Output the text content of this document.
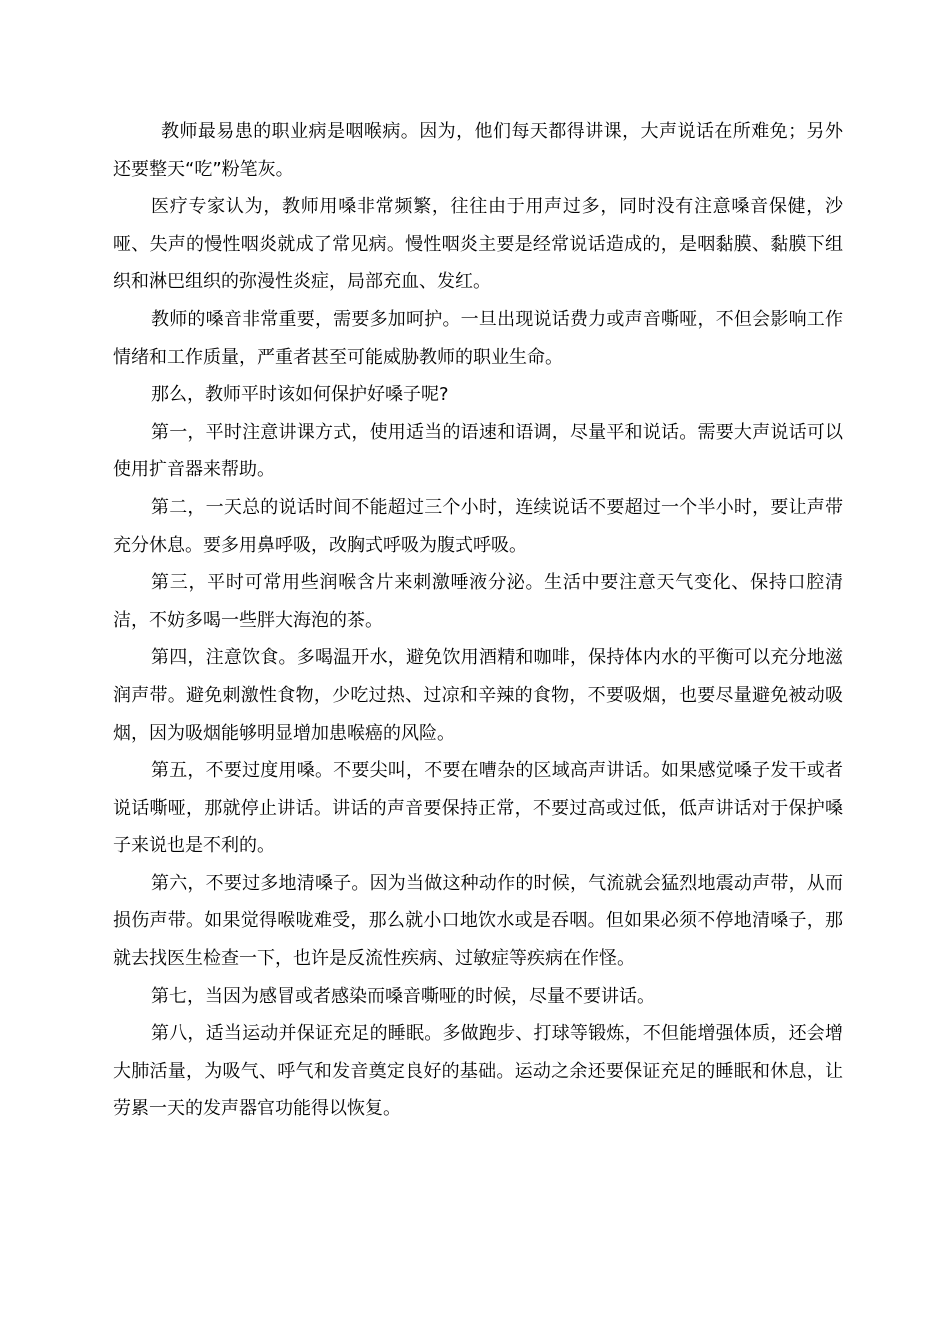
教师最易患的职业病是咽喉病。因为，他们每天都得讲课，大声说话在所难免；另外还要整天“吃”粉笔灰。

医疗专家认为，教师用嗓非常频繁，往往由于用声过多，同时没有注意嗓音保健，沙哑、失声的慢性咽炎就成了常见病。慢性咽炎主要是经常说话造成的，是咽黏膜、黏膜下组织和淋巴组织的弥漫性炎症，局部充血、发红。

教师的嗓音非常重要，需要多加呵护。一旦出现说话费力或声音嘶哑，不但会影响工作情绪和工作质量，严重者甚至可能威胁教师的职业生命。

那么，教师平时该如何保护好嗓子呢?

第一，平时注意讲课方式，使用适当的语速和语调，尽量平和说话。需要大声说话可以使用扩音器来帮助。

第二，一天总的说话时间不能超过三个小时，连续说话不要超过一个半小时，要让声带充分休息。要多用鼻呼吸，改胸式呼吸为腹式呼吸。

第三，平时可常用些润喉含片来刺激唾液分泌。生活中要注意天气变化、保持口腔清洁，不妨多喝一些胖大海泡的茶。

第四，注意饮食。多喝温开水，避免饮用酒精和咖啡，保持体内水的平衡可以充分地滋润声带。避免刺激性食物，少吃过热、过凉和辛辣的食物，不要吸烟，也要尽量避免被动吸烟，因为吸烟能够明显增加患喉癌的风险。

第五，不要过度用嗓。不要尖叫，不要在嘈杂的区域高声讲话。如果感觉嗓子发干或者说话嘶哑，那就停止讲话。讲话的声音要保持正常，不要过高或过低，低声讲话对于保护嗓子来说也是不利的。

第六，不要过多地清嗓子。因为当做这种动作的时候，气流就会猛烈地震动声带，从而损伤声带。如果觉得喉咙难受，那么就小口地饮水或是吞咽。但如果必须不停地清嗓子，那就去找医生检查一下，也许是反流性疾病、过敏症等疾病在作怪。

第七，当因为感冒或者感染而嗓音嘶哑的时候，尽量不要讲话。

第八，适当运动并保证充足的睡眠。多做跑步、打球等锻炼，不但能增强体质，还会增大肺活量，为吸气、呼气和发音奠定良好的基础。运动之余还要保证充足的睡眠和休息，让劳累一天的发声器官功能得以恢复。
